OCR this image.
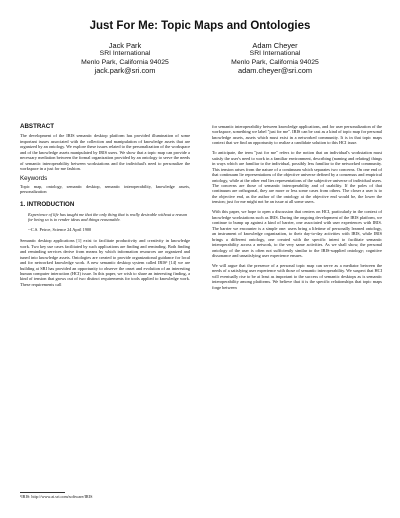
Just For Me: Topic Maps and Ontologies
Jack Park
SRI International
Menlo Park, California 94025
jack.park@sri.com
Adam Cheyer
SRI International
Menlo Park, California 94025
adam.cheyer@sri.com
ABSTRACT
The development of the IRIS semantic desktop platform has provided illumination of some important issues associated with the collection and manipulation of knowledge assets that are organized by an ontology. We explore these issues related to the personalization of the workspace and of the knowledge assets manipulated by IRIS users. We show that a topic map can provide a necessary mediation between the formal organization provided by an ontology to serve the needs of semantic interoperability between workstations and the individual's need to personalize the workspace in a just for me fashion.
Keywords
Topic map, ontology, semantic desktop, semantic interoperability, knowledge assets, personalization
1. INTRODUCTION
Experience of life has taught me that the only thing that is really desirable without a reason for being so is to render ideas and things reasonable.
--C.S. Peirce, Science 24 April 1900
Semantic desktop applications [1] exist to facilitate productivity and creativity in knowledge work. Two key use cases facilitated by such applications are finding and reminding. Both finding and reminding services derive from means by which information resources are organized and tuned into knowledge assets. Ontologies are created to provide organizational guidance for local and for networked knowledge work. A new semantic desktop system called IRIS¹ [14] we are building at SRI has provided an opportunity to observe the onset and evolution of an interesting human computer interaction (HCI) issue. In this paper, we wish to share an interesting finding, a kind of tension that grows out of two distinct requirements for tools applied to knowledge work. These requirements call
for semantic interoperability between knowledge applications, and for user personalization of the workspace, something we label "just for me". IRIS can be cast as a kind of topic map for personal knowledge assets, assets which must exist in a networked community. It is in that topic maps context that we find an opportunity to realize a candidate solution to this HCI issue.
To anticipate, the term "just for me" refers to the notion that an individual's workstation must satisfy the user's need to work in a familiar environment, describing (naming and relating) things in ways which are familiar to the individual, possibly less familiar to the networked community. This tension arises from the nature of a continuum which separates two concerns. On one end of that continuum lie representations of the objective universe defined by a consensus and empirical ontology, while at the other end lies representations of the subjective universe of individual users. The concerns are those of semantic interoperability and of usability. If the poles of that continuum are orthogonal, they are more or less some cases from others. The closer a user is to the objective end, as the author of the ontology at the objective end would be, the lower the tension; just for me might not be an issue at all some users.
With this paper, we hope to open a discussion that centers on HCI, particularly in the context of knowledge workstations such as IRIS. During the ongoing development of the IRIS platform, we continue to bump up against a kind of barrier, one associated with user experiences with IRIS. The barrier we encounter is a simple one: users bring a lifetime of personally learned ontology, an instrument of knowledge organization, to their day-to-day activities with IRIS, while IRIS brings a different ontology, one created with the specific intent to facilitate semantic interoperability across a network, to the very same activities. As we shall show, the personal ontology of the user is often not sufficiently similar to the IRIS-supplied ontology; cognitive dissonance and unsatisfying user experience ensues.
We will argue that the presence of a personal topic map can serve as a mediator between the needs of a satisfying user experience with those of semantic interoperability. We suspect that HCI will eventually rise to be at least as important to the success of semantic desktops as is semantic interoperability among platforms. We believe that it is the specific relationships that topic maps forge between
¹IRIS: http://www.ai.sri.com/software/IRIS
